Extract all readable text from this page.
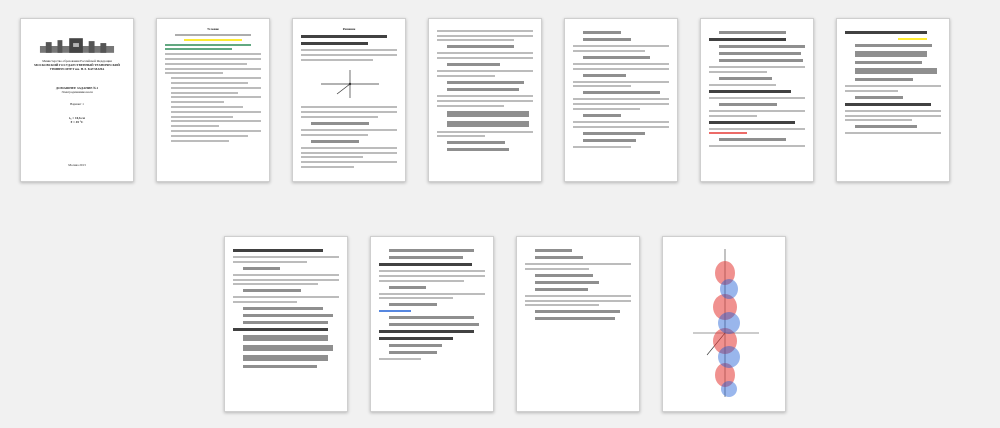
Министерство образования Российской Федерации
МОСКОВСКИЙ ГОСУДАРСТВЕННЫЙ ТЕХНИЧЕСКИЙ УНИВЕРСИТЕТ им. Н.Э. БАУМАНА
ДОМАШНЕЕ ЗАДАНИЕ №1
Электродинамика волн
Вариант 1
λ₀ = 10,6 см
θ = 45 °С
Москва 2013
Условие	Решение
